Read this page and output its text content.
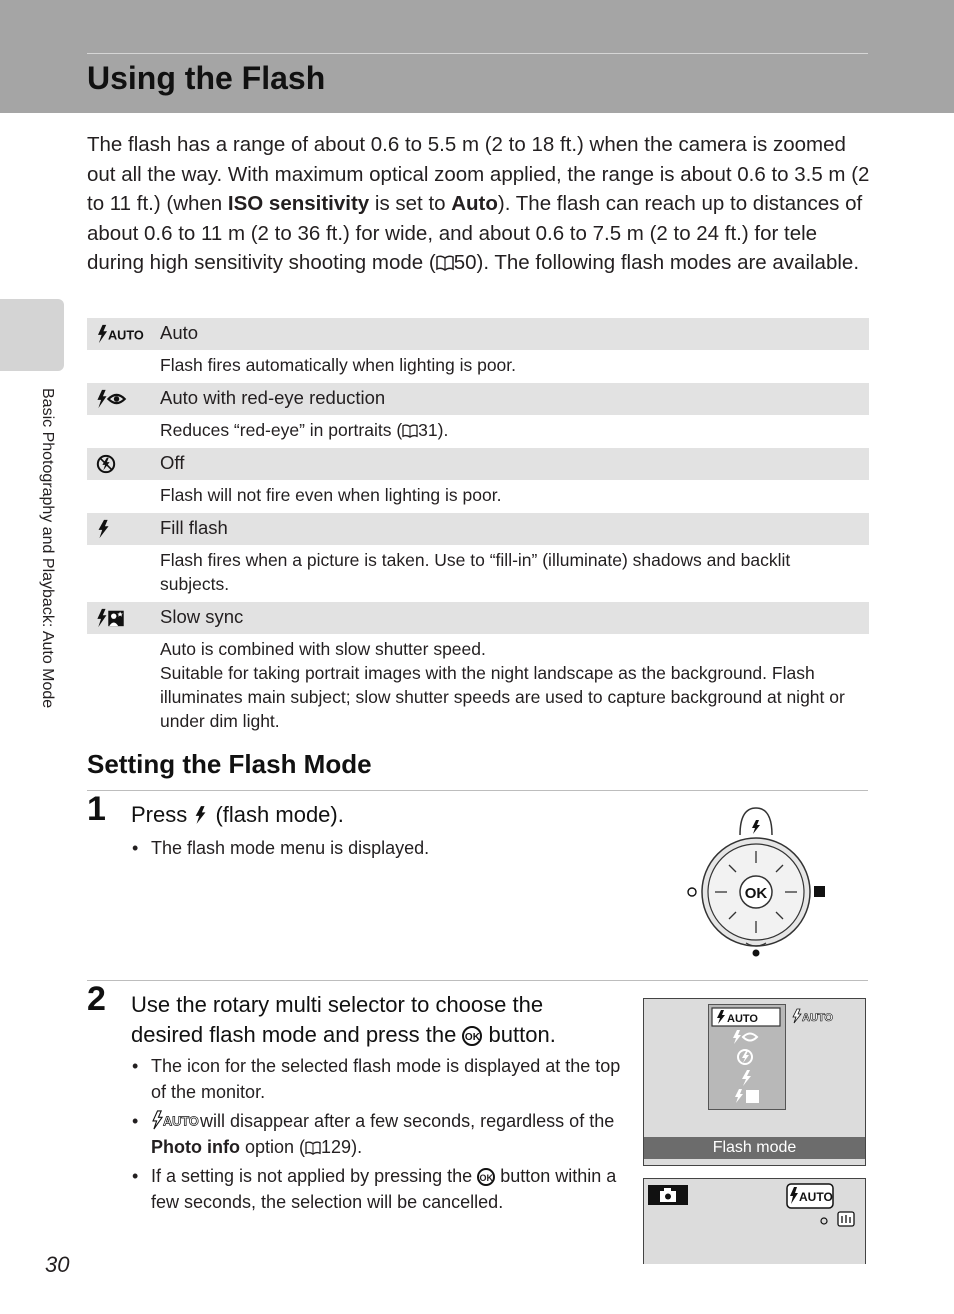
Using the Flash
Basic Photography and Playback: Auto Mode

The flash has a range of about 0.6 to 5.5 m (2 to 18 ft.) when the camera is zoomed out all the way. With maximum optical zoom applied, the range is about 0.6 to 3.5 m (2 to 11 ft.) (when ISO sensitivity is set to Auto). The flash can reach up to distances of about 0.6 to 11 m (2 to 36 ft.) for wide, and about 0.6 to 7.5 m (2 to 24 ft.) for tele during high sensitivity shooting mode ( 50). The following flash modes are available.

AUTO Auto
Flash fires automatically when lighting is poor.
Auto with red-eye reduction
Reduces “red-eye” in portraits ( 31).
Off
Flash will not fire even when lighting is poor.
Fill flash
Flash fires when a picture is taken. Use to “fill-in” (illuminate) shadows and backlit subjects.
Slow sync
Auto is combined with slow shutter speed.
Suitable for taking portrait images with the night landscape as the background. Flash illuminates main subject; slow shutter speeds are used to capture background at night or under dim light.
Setting the Flash Mode
1 Press  (flash mode).
• The flash mode menu is displayed.
OK
2 Use the rotary multi selector to choose the desired flash mode and press the OK button.
• The icon for the selected flash mode is displayed at the top of the monitor.
• AUTO
will disappear after a few seconds, regardless of the Photo info option ( 129).
• If a setting is not applied by pressing the OK button within a few seconds, the selection will be cancelled.
AUTO	AUTO
Flash mode
AUTO
30
